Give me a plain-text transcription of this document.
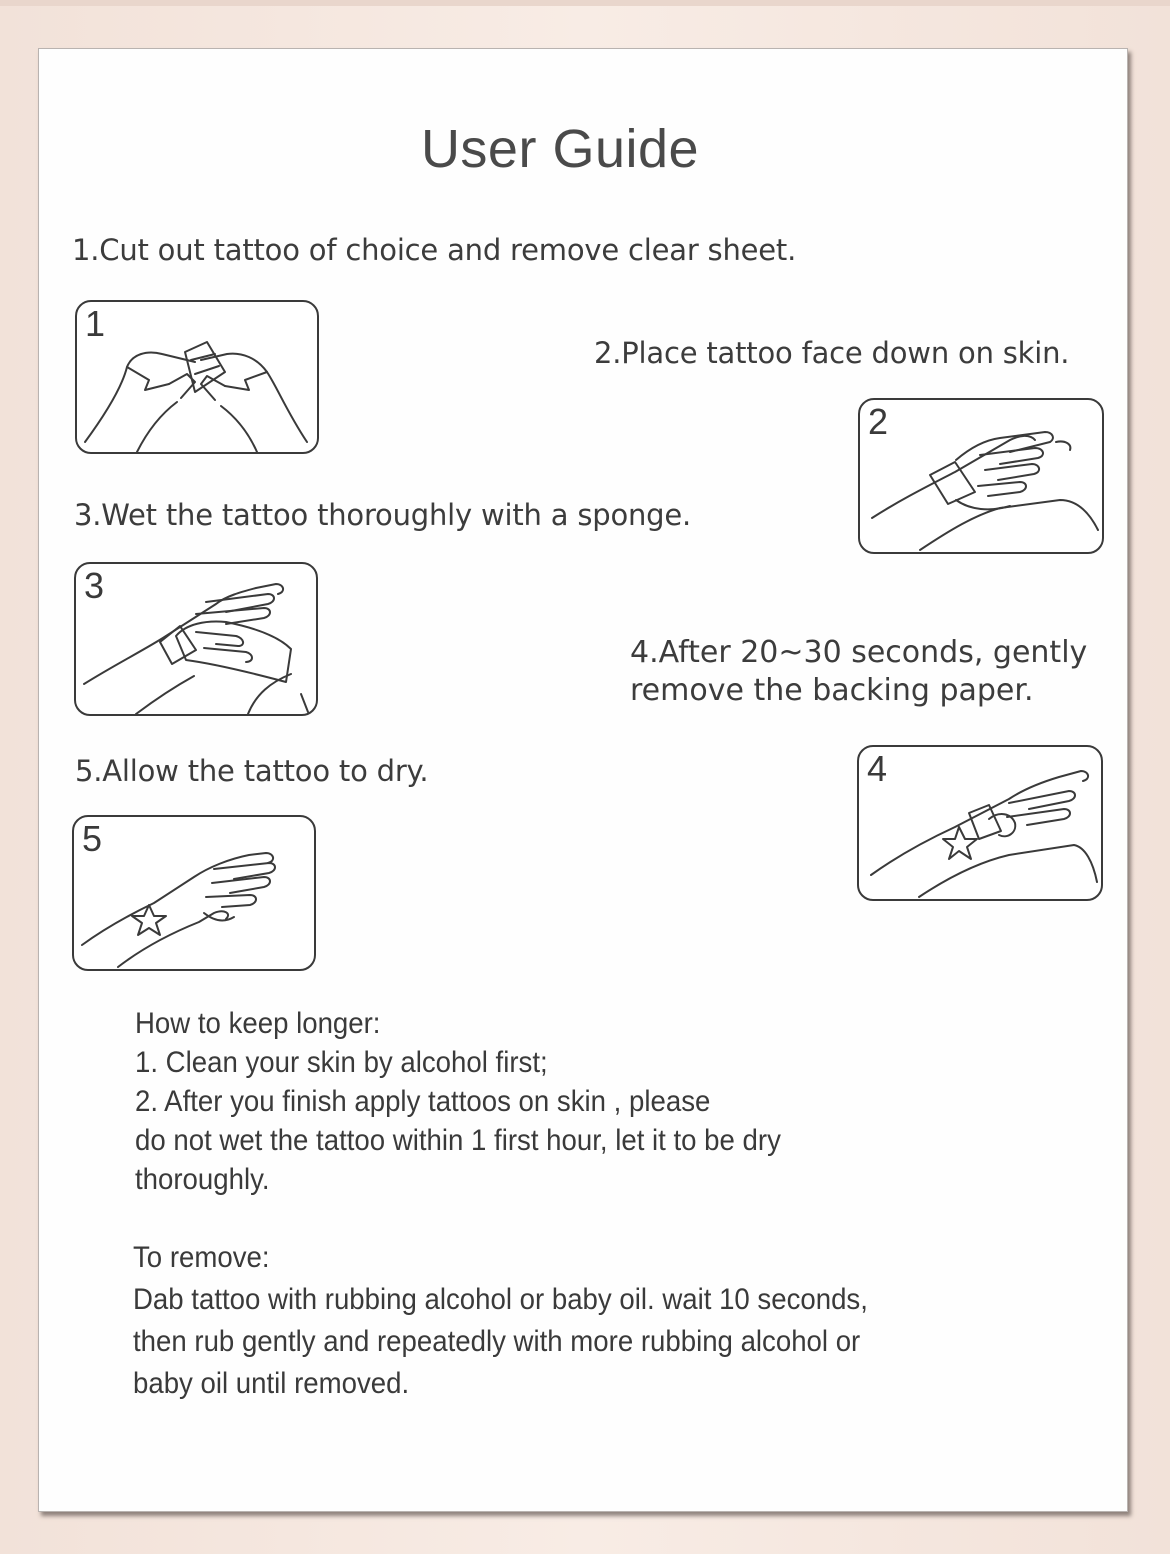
User Guide
1.Cut out tattoo of choice and remove clear sheet.
1
2.Place tattoo face down on skin.
2
3.Wet the tattoo thoroughly with a sponge.
3
4.After 20~30 seconds, gently
remove the backing paper.
5.Allow the tattoo to dry.	4
5
How to keep longer:
1. Clean your skin by alcohol first;
2. After you finish apply tattoos on skin , please
do not wet the tattoo within 1 first hour, let it to be dry
thoroughly.
To remove:
Dab tattoo with rubbing alcohol or baby oil. wait 10 seconds,
then rub gently and repeatedly with more rubbing alcohol or
baby oil until removed.
